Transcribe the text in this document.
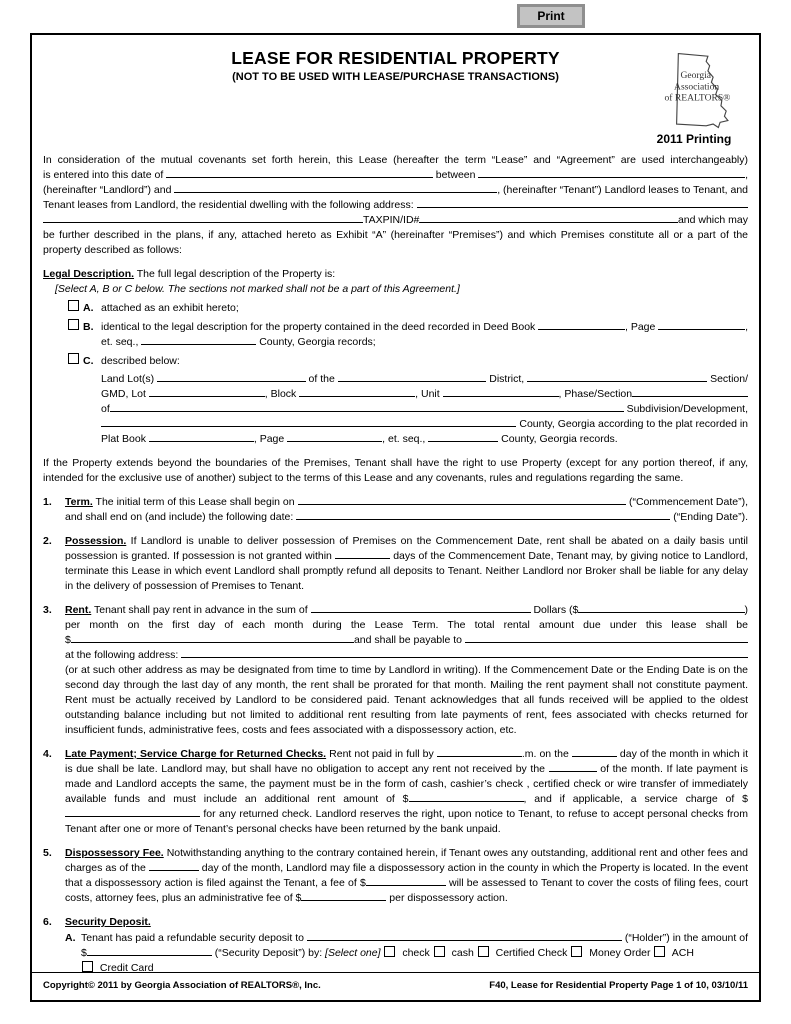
Print
LEASE FOR RESIDENTIAL PROPERTY
(NOT TO BE USED WITH LEASE/PURCHASE TRANSACTIONS)	Georgia
Association
of REALTORS®
2011 Printing
In consideration of the mutual covenants set forth herein, this Lease (hereafter the term “Lease” and “Agreement” are used interchangeably)
is entered into this date of	between	,
(hereinafter “Landlord”) and	, (hereinafter “Tenant”) Landlord leases to Tenant, and
Tenant leases from Landlord, the residential dwelling with the following address:
TAXPIN/ID#	and which may
be further described in the plans, if any, attached hereto as Exhibit “A” (hereinafter “Premises”) and which Premises constitute all or a part of the property described as follows:
Legal Description. The full legal description of the Property is:
[Select A, B or C below. The sections not marked shall not be a part of this Agreement.]
A. attached as an exhibit hereto;
B. identical to the legal description for the property contained in the deed recorded in Deed Book	, Page	,
et. seq.,	County, Georgia records;
C. described below:
Land Lot(s)	of the	District,	Section/
GMD, Lot	, Block	, Unit	, Phase/Section
of	Subdivision/Development,
County, Georgia according to the plat recorded in
Plat Book	, Page	, et. seq.,	County, Georgia records.
If the Property extends beyond the boundaries of the Premises, Tenant shall have the right to use Property (except for any portion thereof, if any, intended for the exclusive use of another) subject to the terms of this Lease and any covenants, rules and regulations regarding the same.
1.	Term. The initial term of this Lease shall begin on	(“Commencement Date”),
and shall end on (and include) the following date:	(“Ending Date”).
2.	Possession. If Landlord is unable to deliver possession of Premises on the Commencement Date, rent shall be abated on a daily basis until possession is granted. If possession is not granted within	days of the Commencement Date, Tenant may, by giving notice to Landlord, terminate this Lease in which event Landlord shall promptly refund all deposits to Tenant. Neither Landlord nor Broker shall be liable for any delay in the delivery of possession of Premises to Tenant.
3.	Rent. Tenant shall pay rent in advance in the sum of	Dollars ($	)
per month on the first day of each month during the Lease Term. The total rental amount due under this lease shall be
$	and shall be payable to
at the following address:
(or at such other address as may be designated from time to time by Landlord in writing). If the Commencement Date or the Ending Date is on the second day through the last day of any month, the rent shall be prorated for that month. Mailing the rent payment shall not constitute payment. Rent must be actually received by Landlord to be considered paid. Tenant acknowledges that all funds received will be applied to the oldest outstanding balance including but not limited to additional rent resulting from late payments of rent, fees associated with checks returned for insufficient funds, administrative fees, costs and fees associated with a dispossessory action, etc.
4.	Late Payment; Service Charge for Returned Checks. Rent not paid in full by	.m. on the	day of the month in which it is due shall be late. Landlord may, but shall have no obligation to accept any rent not received by the	of the month. If late payment is made and Landlord accepts the same, the payment must be in the form of cash, cashier’s check , certified check or wire transfer of immediately available funds and must include an additional rent amount of $	, and if applicable, a service charge of $ for any returned check. Landlord reserves the right, upon notice to Tenant, to refuse to accept personal checks from Tenant after one or more of Tenant’s personal checks have been returned by the bank unpaid.
5.	Dispossessory Fee. Notwithstanding anything to the contrary contained herein, if Tenant owes any outstanding, additional rent and other fees and charges as of the	day of the month, Landlord may file a dispossessory action in the county in which the Property is located. In the event that a dispossessory action is filed against the Tenant, a fee of $	will be assessed to Tenant to cover the costs of filing fees, court costs, attorney fees, plus an administrative fee of $	per dispossessory action.
6.	Security Deposit.
A. Tenant has paid a refundable security deposit to	(“Holder”) in the amount of
$	(“Security Deposit”) by: [Select one]  check  cash  Certified Check  Money Order  ACH
Credit Card
Copyright© 2011 by Georgia Association of REALTORS®, Inc.	F40, Lease for Residential Property Page 1 of 10, 03/10/11
